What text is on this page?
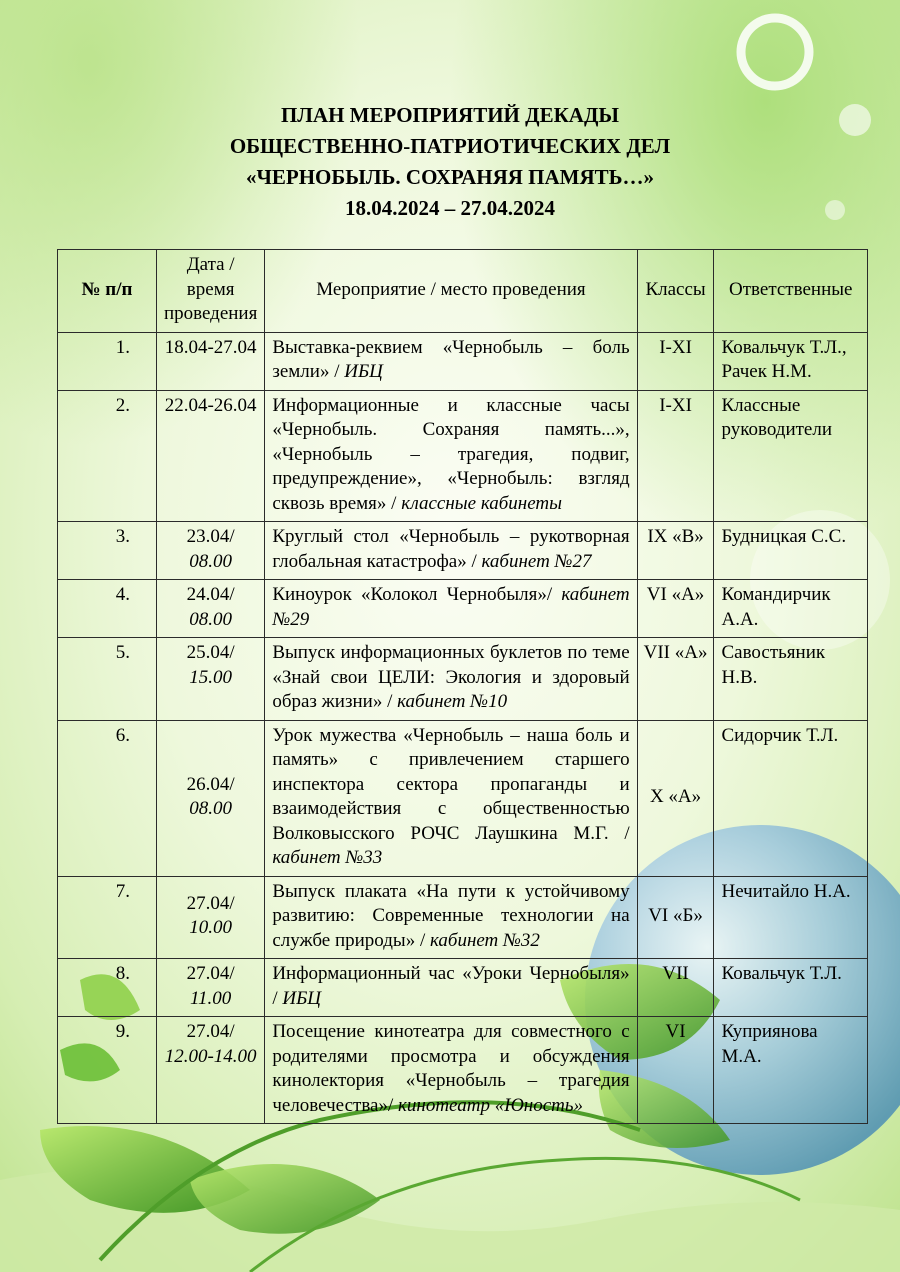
ПЛАН МЕРОПРИЯТИЙ ДЕКАДЫ
ОБЩЕСТВЕННО-ПАТРИОТИЧЕСКИХ ДЕЛ
«ЧЕРНОБЫЛЬ. СОХРАНЯЯ ПАМЯТЬ…»
18.04.2024 – 27.04.2024
№ п/п	Дата / время проведения	Мероприятие / место проведения	Классы	Ответственные
1.	18.04-27.04	Выставка-реквием «Чернобыль – боль земли» / ИБЦ	I-XI	Ковальчук Т.Л., Рачек Н.М.
2.	22.04-26.04	Информационные и классные часы «Чернобыль. Сохраняя память...», «Чернобыль – трагедия, подвиг, предупреждение», «Чернобыль: взгляд сквозь время» / классные кабинеты	I-XI	Классные руководители
3.	23.04/
08.00	Круглый стол «Чернобыль – рукотворная глобальная катастрофа» / кабинет №27	IX «В»	Будницкая С.С.
4.	24.04/
08.00	Киноурок «Колокол Чернобыля»/ кабинет №29	VI «А»	Командирчик А.А.
5.	25.04/
15.00	Выпуск информационных буклетов по теме «Знай свои ЦЕЛИ: Экология и здоровый образ жизни» / кабинет №10	VII «А»	Савостьяник Н.В.
6.	26.04/
08.00	Урок мужества «Чернобыль – наша боль и память» с привлечением старшего инспектора сектора пропаганды и взаимодействия с общественностью Волковысского РОЧС Лаушкина М.Г. / кабинет №33	X «А»	Сидорчик Т.Л.
7.	27.04/
10.00	Выпуск плаката «На пути к устойчивому развитию: Современные технологии на службе природы» / кабинет №32	VI «Б»	Нечитайло Н.А.
8.	27.04/
11.00	Информационный час «Уроки Чернобыля» / ИБЦ	VII	Ковальчук Т.Л.
9.	27.04/
12.00-14.00	Посещение кинотеатра для совместного с родителями просмотра и обсуждения кинолектория «Чернобыль – трагедия человечества»/ кинотеатр «Юность»	VI	Куприянова М.А.
